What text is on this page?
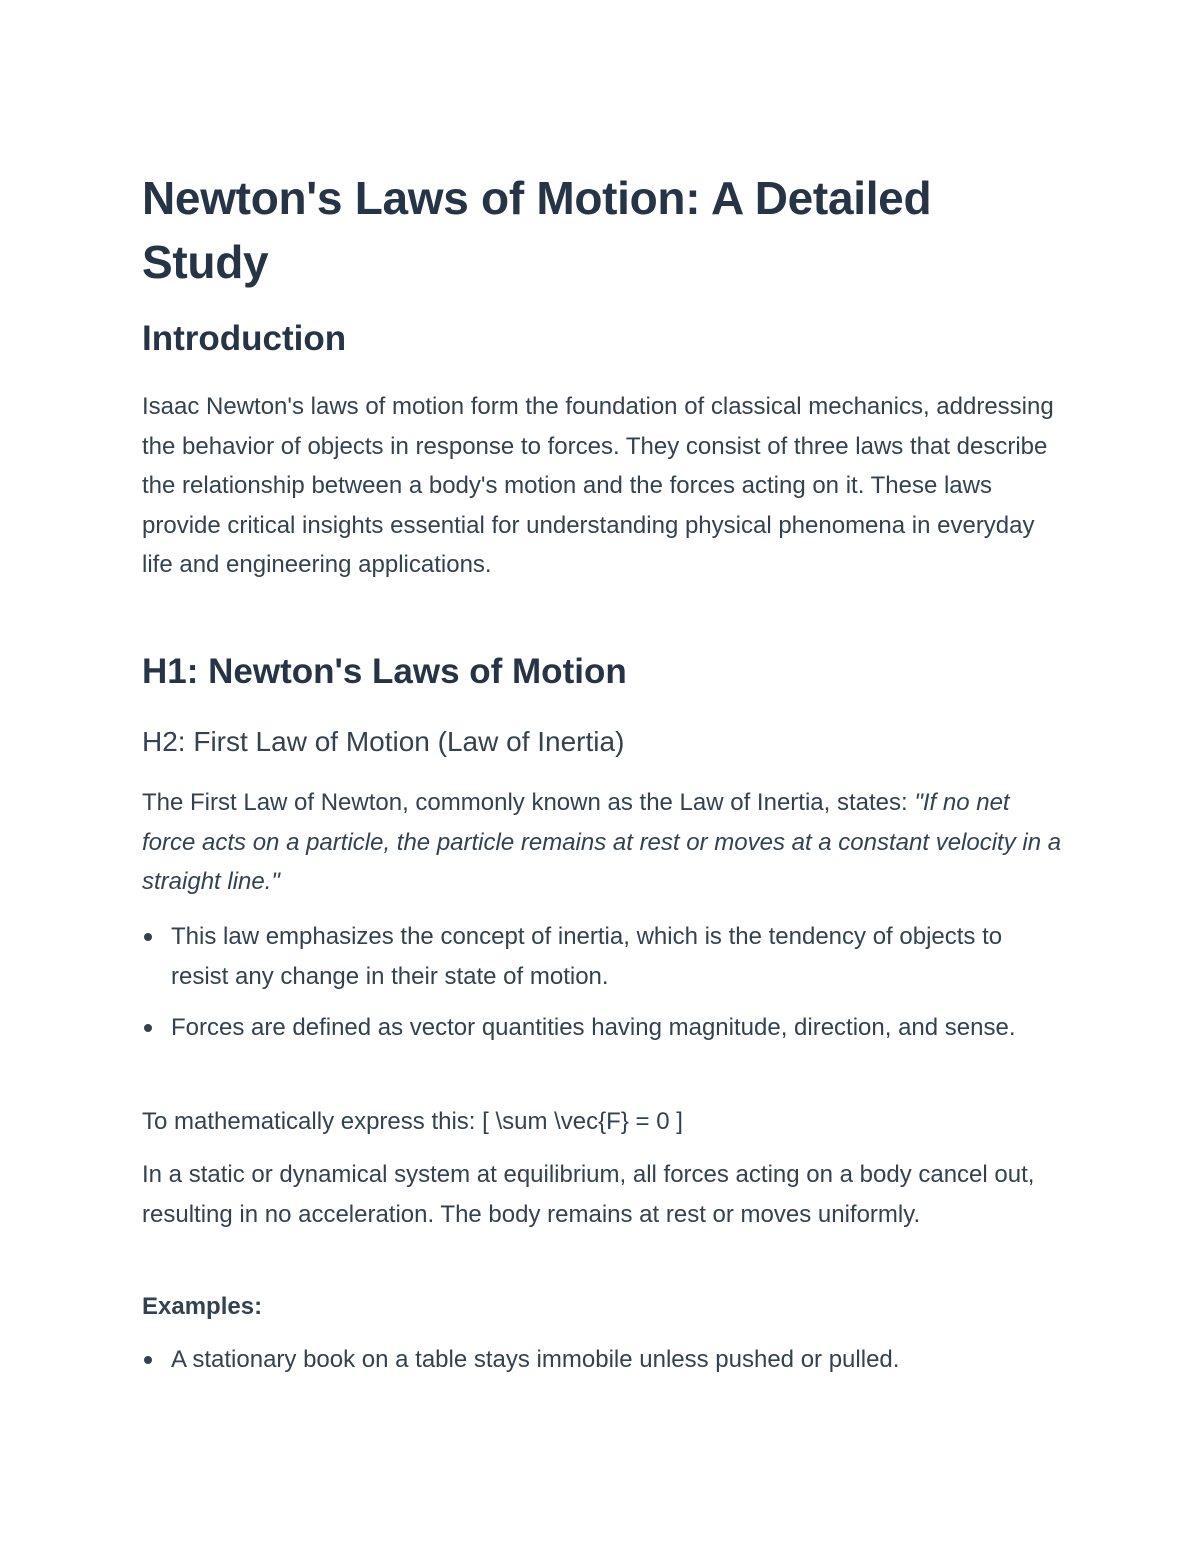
Newton's Laws of Motion: A Detailed Study
Introduction

Isaac Newton's laws of motion form the foundation of classical mechanics, addressing the behavior of objects in response to forces. They consist of three laws that describe the relationship between a body's motion and the forces acting on it. These laws provide critical insights essential for understanding physical phenomena in everyday life and engineering applications.

H1: Newton's Laws of Motion
H2: First Law of Motion (Law of Inertia)

The First Law of Newton, commonly known as the Law of Inertia, states: "If no net force acts on a particle, the particle remains at rest or moves at a constant velocity in a straight line."

This law emphasizes the concept of inertia, which is the tendency of objects to resist any change in their state of motion.
Forces are defined as vector quantities having magnitude, direction, and sense.

To mathematically express this: [ \sum \vec{F} = 0 ]

In a static or dynamical system at equilibrium, all forces acting on a body cancel out, resulting in no acceleration. The body remains at rest or moves uniformly.

Examples:

A stationary book on a table stays immobile unless pushed or pulled.
